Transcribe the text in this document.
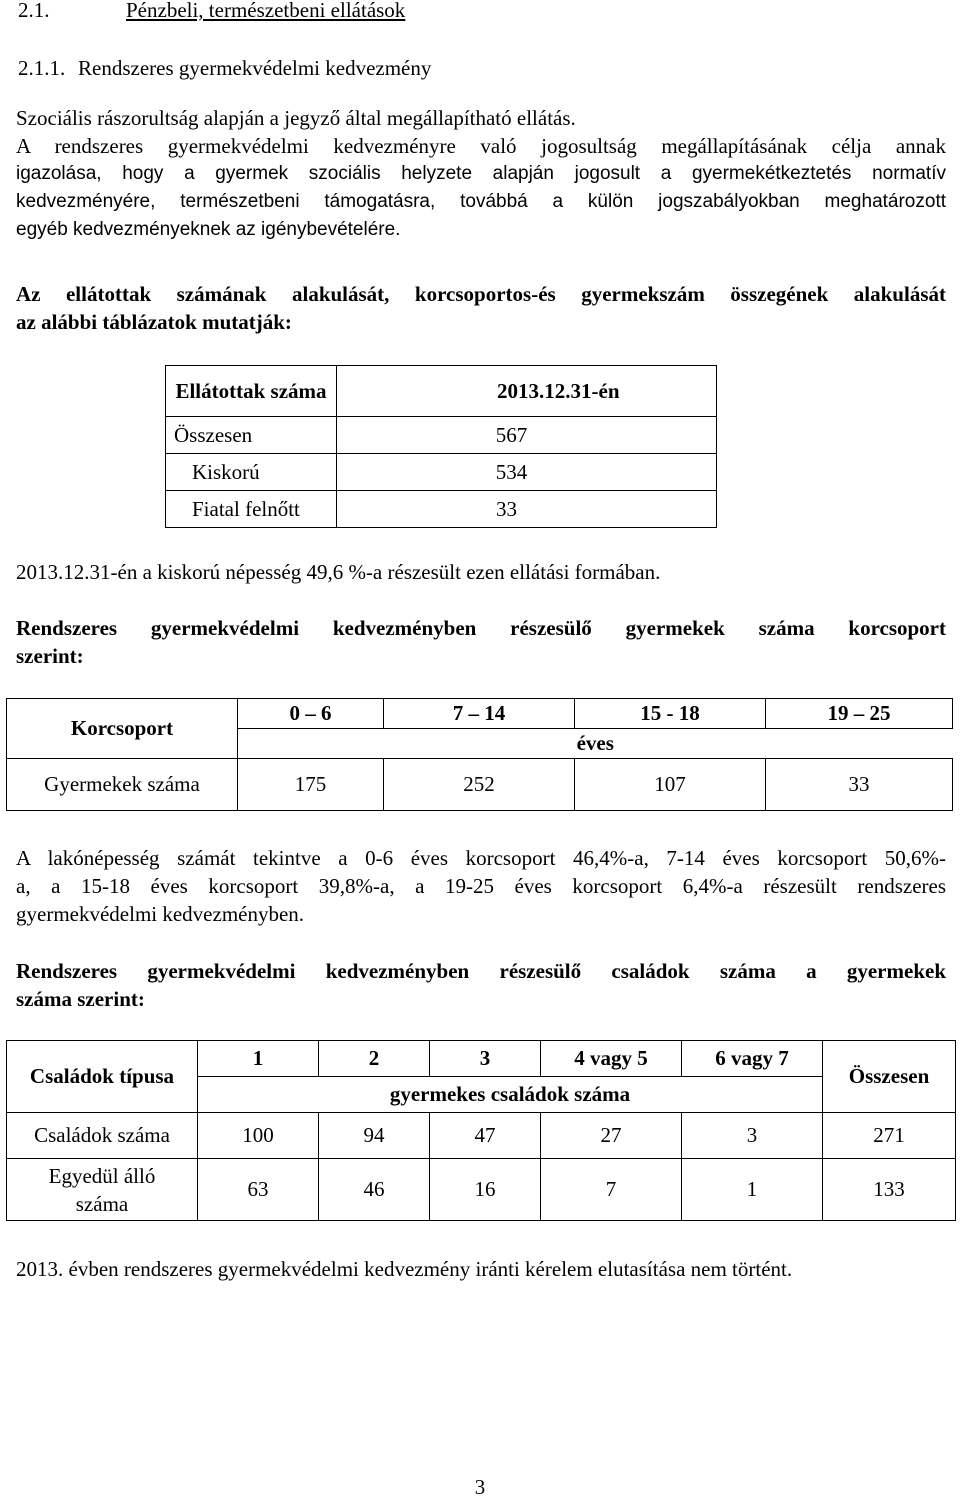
2.1.	Pénzbeli, természetbeni ellátások
2.1.1. Rendszeres gyermekvédelmi kedvezmény
Szociális rászorultság alapján a jegyző által megállapítható ellátás.
A rendszeres gyermekvédelmi kedvezményre való jogosultság megállapításának célja annak
igazolása, hogy a gyermek szociális helyzete alapján jogosult a gyermekétkeztetés normatív
kedvezményére, természetbeni támogatásra, továbbá a külön jogszabályokban meghatározott
egyéb kedvezményeknek az igénybevételére.
Az ellátottak számának alakulását, korcsoportos-és gyermekszám összegének alakulását
az alábbi táblázatok mutatják:
Ellátottak száma	2013.12.31-én
Összesen	567
Kiskorú	534
Fiatal felnőtt	33
2013.12.31-én a kiskorú népesség 49,6 %-a részesült ezen ellátási formában.
Rendszeres gyermekvédelmi kedvezményben részesülő gyermekek száma korcsoport
szerint:
Korcsoport	0 – 6	7 – 14	15 - 18	19 – 25
	éves			
Gyermekek száma	175	252	107	33
A lakónépesség számát tekintve a 0-6 éves korcsoport 46,4%-a, 7-14 éves korcsoport 50,6%-
a, a 15-18 éves korcsoport 39,8%-a, a 19-25 éves korcsoport 6,4%-a részesült rendszeres
gyermekvédelmi kedvezményben.
Rendszeres gyermekvédelmi kedvezményben részesülő családok száma a gyermekek
száma szerint:
Családok típusa	1	2	3	4 vagy 5	6 vagy 7	Összesen
	gyermekes családok száma					
Családok száma	100	94	47	27	3	271
Egyedül álló száma	63	46	16	7	1	133
2013. évben rendszeres gyermekvédelmi kedvezmény iránti kérelem elutasítása nem történt.
3
